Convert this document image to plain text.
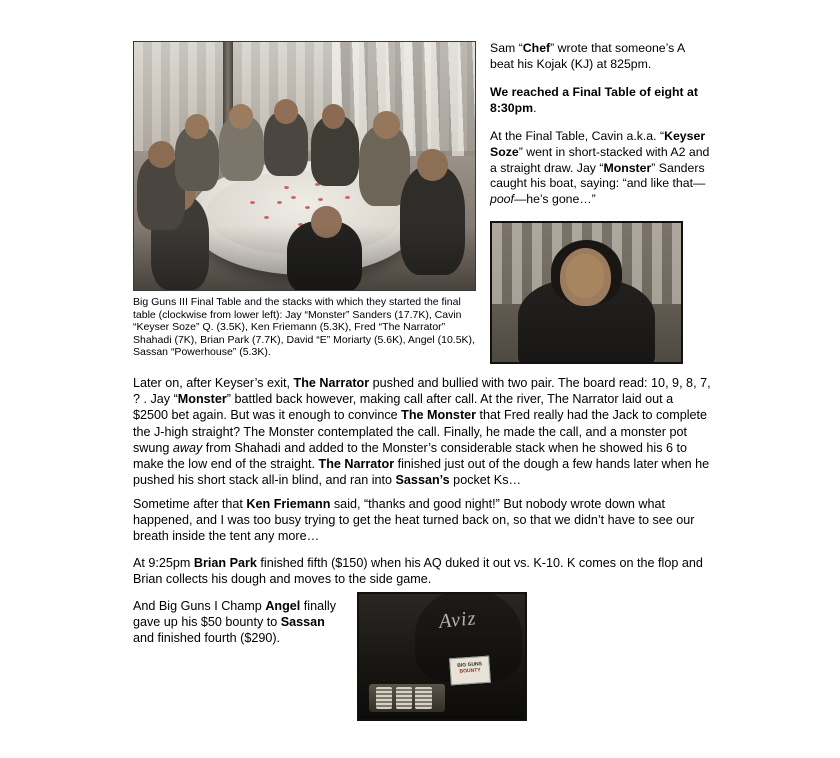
Big Guns III Final Table and the stacks with which they started the final table (clockwise from lower left): Jay “Monster” Sanders (17.7K), Cavin “Keyser Soze” Q. (3.5K), Ken Friemann (5.3K), Fred “The Narrator” Shahadi (7K), Brian Park (7.7K), David “E” Moriarty (5.6K), Angel (10.5K), Sassan “Powerhouse” (5.3K).

Sam “Chef” wrote that someone’s A beat his Kojak (KJ) at 825pm.

We reached a Final Table of eight at 8:30pm.

At the Final Table, Cavin a.k.a. “Keyser Soze” went in short-stacked with A2 and a straight draw. Jay “Monster” Sanders caught his boat, saying: “and like that—poof—he’s gone…”

Later on, after Keyser’s exit, The Narrator pushed and bullied with two pair. The board read: 10, 9, 8, 7, ? . Jay “Monster” battled back however, making call after call. At the river, The Narrator laid out a $2500 bet again. But was it enough to convince The Monster that Fred really had the Jack to complete the J-high straight? The Monster contemplated the call. Finally, he made the call, and a monster pot swung away from Shahadi and added to the Monster’s considerable stack when he showed his 6 to make the low end of the straight. The Narrator finished just out of the dough a few hands later when he pushed his short stack all-in blind, and ran into Sassan’s pocket Ks…

Sometime after that Ken Friemann said, “thanks and good night!” But nobody wrote down what happened, and I was too busy trying to get the heat turned back on, so that we didn’t have to see our breath inside the tent any more…

At 9:25pm Brian Park finished fifth ($150) when his AQ duked it out vs. K-10. K comes on the flop and Brian collects his dough and moves to the side game.

And Big Guns I Champ Angel finally gave up his $50 bounty to Sassan and finished fourth ($290).

Aviz
BIG GUNS
BOUNTY
